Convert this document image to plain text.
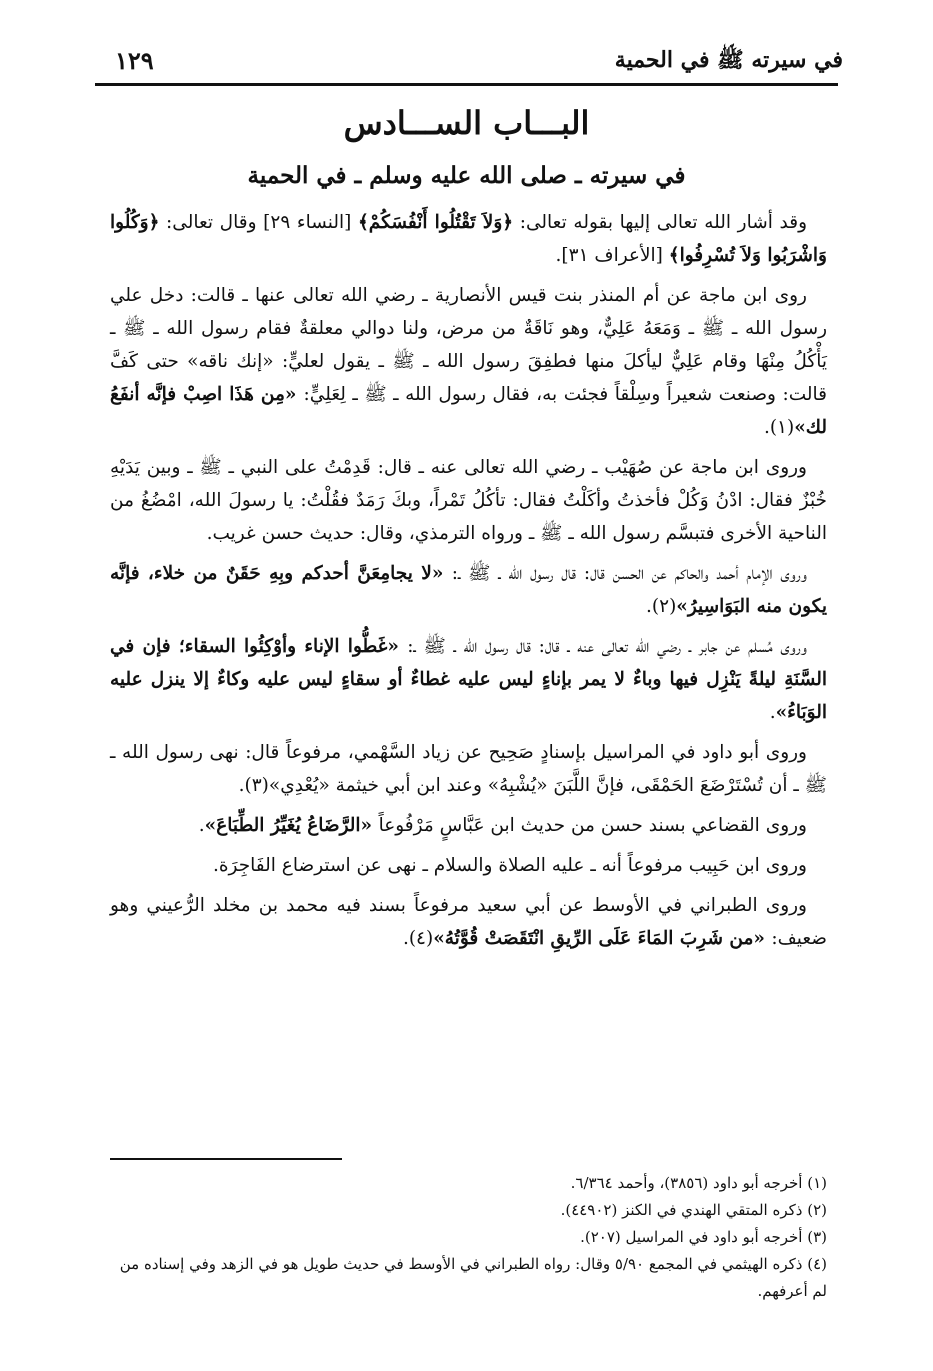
في سيرته ﷺ في الحمية
١٢٩
البـــاب الســـادس
في سيرته ـ صلى الله عليه وسلم ـ في الحمية

وقد أشار الله تعالى إليها بقوله تعالى: ﴿وَلاَ تَقْتُلُوا أَنْفُسَكُمْ﴾ [النساء ٢٩] وقال تعالى: ﴿وَكُلُوا وَاشْرَبُوا وَلاَ تُسْرِفُوا﴾ [الأعراف ٣١].

روى ابن ماجة عن أم المنذر بنت قيس الأنصارية ـ رضي الله تعالى عنها ـ قالت: دخل علي رسول الله ـ ﷺ ـ وَمَعَهُ عَلِيٌّ، وهو نَاقَةٌ من مرض، ولنا دوالي معلقةٌ فقام رسول الله ـ ﷺ ـ يَأْكُلُ مِنْهَا وقام عَلِيٌّ ليأكلَ منها فطفِقَ رسول الله ـ ﷺ ـ يقول لعليٍّ: «إنك ناقه» حتى كَفَّ قالت: وصنعت شعيراً وسِلْقاً فجئت به، فقال رسول الله ـ ﷺ ـ لِعَلِيٍّ: «مِن هَذَا اصِبْ فإنَّه أنفَعُ لك»(١).

وروى ابن ماجة عن صُهَيْب ـ رضي الله تعالى عنه ـ قال: قَدِمْتُ على النبي ـ ﷺ ـ وبين يَدَيْهِ خُبْزٌ فقال: ادْنُ وَكُلْ فأخذتُ وأكَلْتُ فقال: تأكُلُ تَمْراً، وبكَ رَمَدٌ فقُلْتُ: يا رسولَ الله، امْضُغُ من الناحية الأخرى فتبسَّم رسول الله ـ ﷺ ـ ورواه الترمذي، وقال: حديث حسن غريب.

وروى الإمام أحمد والحاكم عن الحسن قال: قال رسول الله ـ ﷺ ـ: «لا يجامِعَنَّ أحدكم وبِهِ حَقَنٌ من خلاء، فإنَّه يكون منه البَوَاسِيرُ»(٢).

وروى مُسلم عن جابر ـ رضي الله تعالى عنه ـ قال: قال رسول الله ـ ﷺ ـ: «غَطُّوا الإناء وأوْكِئُوا السقاء؛ فإن في السَّنَةِ ليلةً يَنْزِل فيها وباءٌ لا يمر بإناءٍ ليس عليه غطاءٌ أو سقاءٍ ليس عليه وكاءٌ إلا ينزل عليه الوَبَاءُ».

وروى أبو داود في المراسيل بإسنادٍ صَحِيح عن زياد السَّهْمي، مرفوعاً قال: نهى رسول الله ـ ﷺ ـ أن تُسْتَرْضَعَ الحَمْقَى، فإنَّ اللَّبَنَ «يُشْبِهُ» وعند ابن أبي خيثمة «يُعْدِي»(٣).

وروى القضاعي بسند حسن من حديث ابن عَبَّاسٍ مَرْفُوعاً «الرَّضَاعُ يُغَيِّرُ الطِّبَاعَ».

وروى ابن حَبِيب مرفوعاً أنه ـ عليه الصلاة والسلام ـ نهى عن استرضاع الفَاجِرَة.

وروى الطبراني في الأوسط عن أبي سعيد مرفوعاً بسند فيه محمد بن مخلد الرُّعيني وهو ضعيف: «من شَرِبَ المَاءَ عَلَى الرِّيقِ انْتَقَصَتْ قُوَّتُهُ»(٤).

(١) أخرجه أبو داود (٣٨٥٦)، وأحمد ٦/٣٦٤.

(٢) ذكره المتقي الهندي في الكنز (٤٤٩٠٢).

(٣) أخرجه أبو داود في المراسيل (٢٠٧).

(٤) ذكره الهيثمي في المجمع ٥/٩٠ وقال: رواه الطبراني في الأوسط في حديث طويل هو في الزهد وفي إسناده من لم أعرفهم.
